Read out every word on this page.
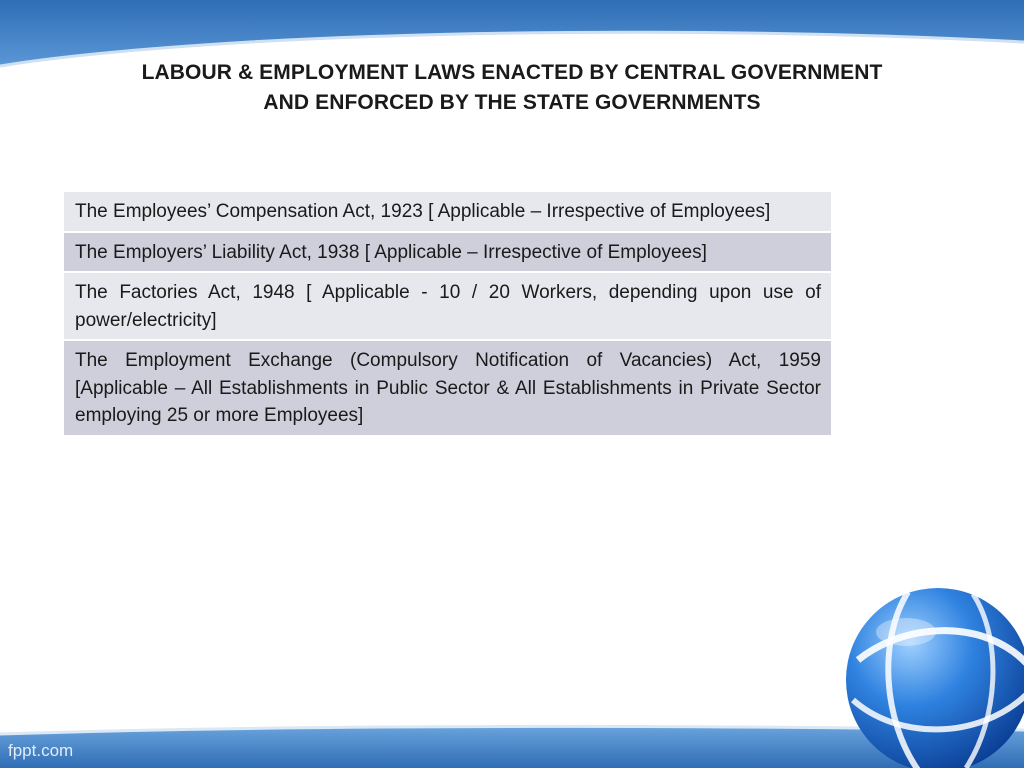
LABOUR & EMPLOYMENT LAWS ENACTED BY CENTRAL GOVERNMENT
AND ENFORCED BY THE STATE GOVERNMENTS
The Employees’ Compensation Act, 1923 [ Applicable – Irrespective of Employees]
The Employers’ Liability Act, 1938 [ Applicable – Irrespective of Employees]
The Factories Act, 1948 [ Applicable - 10 / 20 Workers, depending upon use of power/electricity]
The Employment Exchange (Compulsory Notification of Vacancies) Act, 1959 [Applicable – All Establishments in Public Sector & All Establishments in Private Sector employing 25 or more Employees]
fppt.com
